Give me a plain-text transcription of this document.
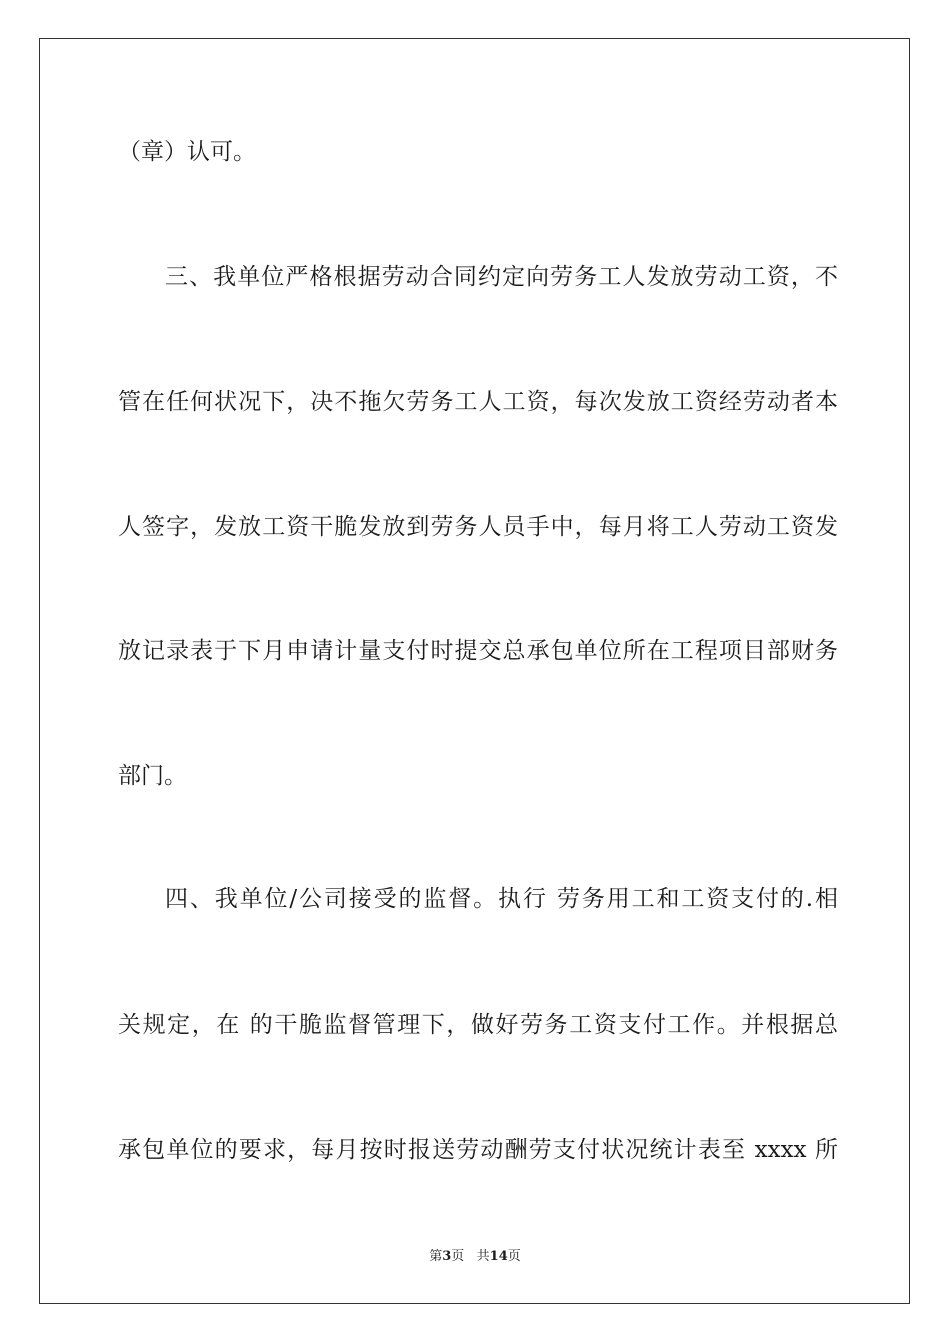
（章）认可。
三、我单位严格根据劳动合同约定向劳务工人发放劳动工资，不
管在任何状况下，决不拖欠劳务工人工资，每次发放工资经劳动者本
人签字，发放工资干脆发放到劳务人员手中，每月将工人劳动工资发
放记录表于下月申请计量支付时提交总承包单位所在工程项目部财务
部门。
四、我单位/公司接受的监督。执行 劳务用工和工资支付的.相
关规定，在 的干脆监督管理下，做好劳务工资支付工作。并根据总
承包单位的要求，每月按时报送劳动酬劳支付状况统计表至 xxxx 所
第3页   共14页
